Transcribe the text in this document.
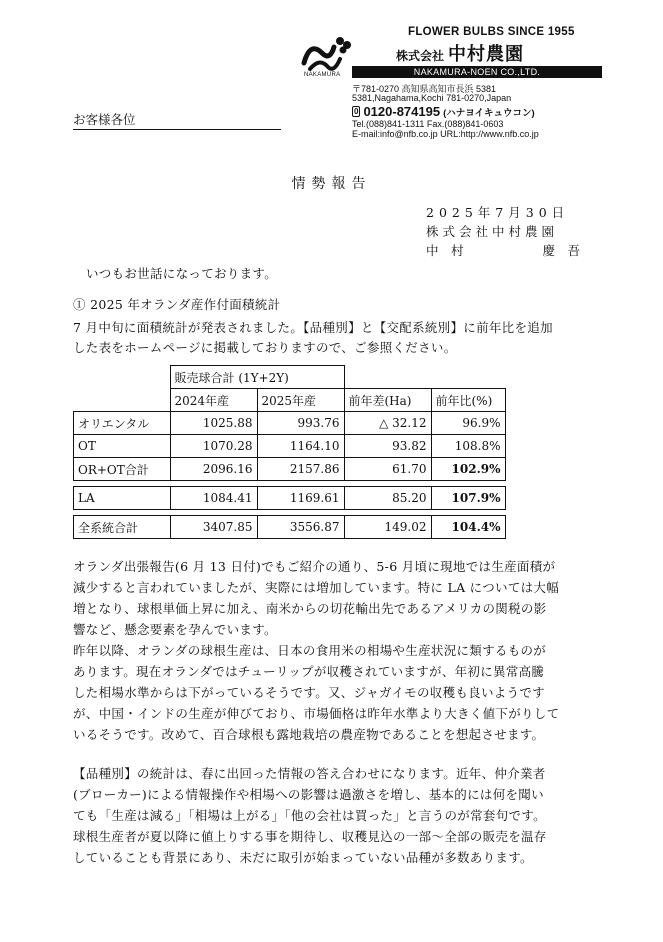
NAKAMURA
FLOWER BULBS SINCE 1955
株式会社 中村農園
NAKAMURA-NOEN CO.,LTD.
〒781-0270 高知県高知市長浜 5381
5381,Nagahama,Kochi 781-0270,Japan
0 0120-874195 (ハナヨイキュウコン)
Tel.(088)841-1311 Fax.(088)841-0603
E-mail:info@nfb.co.jp URL:http://www.nfb.co.jp
お客様各位
情勢報告
2025年7月30日
株式会社中村農園
中　村	慶　吾
いつもお世話になっております。
① 2025 年オランダ産作付面積統計
7 月中旬に面積統計が発表されました。【品種別】と【交配系統別】に前年比を追加
した表をホームページに掲載しておりますので、ご参照ください。
	販売球合計 (1Y+2Y)			
	2024年産	2025年産	前年差(Ha)	前年比(%)
オリエンタル	1025.88	993.76	△ 32.12	96.9%
OT	1070.28	1164.10	93.82	108.8%
OR+OT合計	2096.16	2157.86	61.70	102.9%

LA	1084.41	1169.61	85.20	107.9%

全系統合計	3407.85	3556.87	149.02	104.4%
オランダ出張報告(6 月 13 日付)でもご紹介の通り、5-6 月頃に現地では生産面積が
減少すると言われていましたが、実際には増加しています。特に LA については大幅
増となり、球根単価上昇に加え、南米からの切花輸出先であるアメリカの関税の影
響など、懸念要素を孕んでいます。
昨年以降、オランダの球根生産は、日本の食用米の相場や生産状況に類するものが
あります。現在オランダではチューリップが収穫されていますが、年初に異常高騰
した相場水準からは下がっているそうです。又、ジャガイモの収穫も良いようです
が、中国・インドの生産が伸びており、市場価格は昨年水準より大きく値下がりして
いるそうです。改めて、百合球根も露地栽培の農産物であることを想起させます。
【品種別】の統計は、春に出回った情報の答え合わせになります。近年、仲介業者
(ブローカー)による情報操作や相場への影響は過激さを増し、基本的には何を聞い
ても「生産は減る」「相場は上がる」「他の会社は買った」と言うのが常套句です。
球根生産者が夏以降に値上りする事を期待し、収穫見込の一部～全部の販売を温存
していることも背景にあり、未だに取引が始まっていない品種が多数あります。
